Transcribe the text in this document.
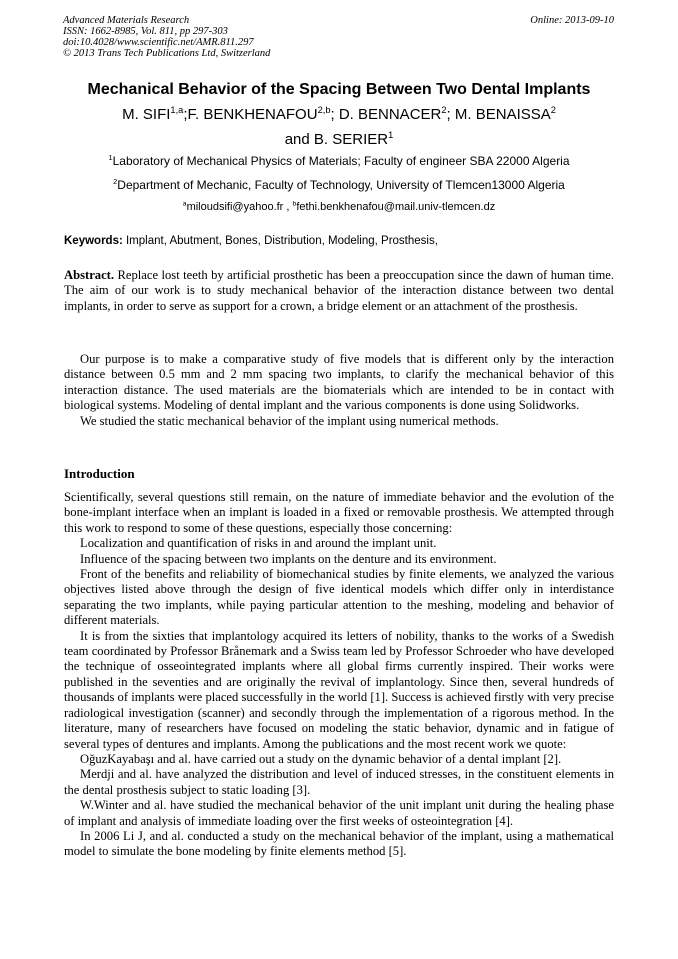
Advanced Materials Research
ISSN: 1662-8985, Vol. 811, pp 297-303
doi:10.4028/www.scientific.net/AMR.811.297
© 2013 Trans Tech Publications Ltd, Switzerland
Online: 2013-09-10
Mechanical Behavior of the Spacing Between Two Dental Implants
M. SIFI$^{1,a}$;F. BENKHENAFOU$^{2,b}$; D. BENNACER$^2$; M. BENAISSA$^2$
and B. SERIER$^1$
$^1$Laboratory of Mechanical Physics of Materials; Faculty of engineer SBA 22000 Algeria
$^2$Department of Mechanic, Faculty of Technology, University of Tlemcen13000 Algeria
$^a$miloudsifi@yahoo.fr , $^b$fethi.benkhenafou@mail.univ-tlemcen.dz
Keywords: Implant, Abutment, Bones, Distribution, Modeling, Prosthesis,
Abstract. Replace lost teeth by artificial prosthetic has been a preoccupation since the dawn of human time. The aim of our work is to study mechanical behavior of the interaction distance between two dental implants, in order to serve as support for a crown, a bridge element or an attachment of the prosthesis.

Our purpose is to make a comparative study of five models that is different only by the interaction distance between 0.5 mm and 2 mm spacing two implants, to clarify the mechanical behavior of this interaction distance. The used materials are the biomaterials which are intended to be in contact with biological systems. Modeling of dental implant and the various components is done using Solidworks.

We studied the static mechanical behavior of the implant using numerical methods.

Introduction

Scientifically, several questions still remain, on the nature of immediate behavior and the evolution of the bone-implant interface when an implant is loaded in a fixed or removable prosthesis. We attempted through this work to respond to some of these questions, especially those concerning:

Localization and quantification of risks in and around the implant unit.

Influence of the spacing between two implants on the denture and its environment.

Front of the benefits and reliability of biomechanical studies by finite elements, we analyzed the various objectives listed above through the design of five identical models which differ only in interdistance separating the two implants, while paying particular attention to the meshing, modeling and behavior of different materials.

It is from the sixties that implantology acquired its letters of nobility, thanks to the works of a Swedish team coordinated by Professor Brånemark and a Swiss team led by Professor Schroeder who have developed the technique of osseointegrated implants where all global firms currently inspired. Their works were published in the seventies and are originally the revival of implantology. Since then, several hundreds of thousands of implants were placed successfully in the world [1]. Success is achieved firstly with very precise radiological investigation (scanner) and secondly through the implementation of a rigorous method. In the literature, many of researchers have focused on modeling the static behavior, dynamic and in fatigue of several types of dentures and implants. Among the publications and the most recent work we quote:

OğuzKayabaşı and al. have carried out a study on the dynamic behavior of a dental implant [2].

Merdji and al. have analyzed the distribution and level of induced stresses, in the constituent elements in the dental prosthesis subject to static loading [3].

W.Winter and al. have studied the mechanical behavior of the unit implant unit during the healing phase of implant and analysis of immediate loading over the first weeks of osteointegration [4].

In 2006 Li J, and al. conducted a study on the mechanical behavior of the implant, using a mathematical model to simulate the bone modeling by finite elements method [5].
